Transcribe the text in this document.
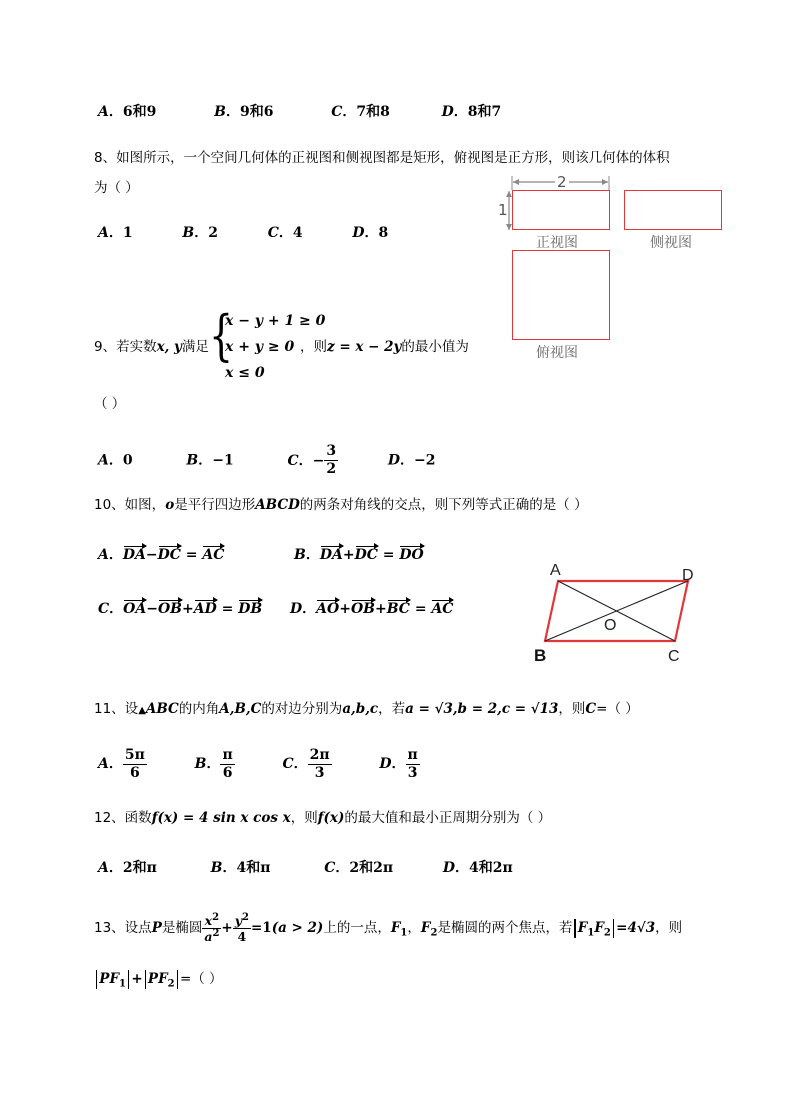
A．6和9	B．9和6	C．7和8	D．8和7
8、如图所示，一个空间几何体的正视图和侧视图都是矩形，俯视图是正方形，则该几何体的体积
为（ ）
A．1	B．2	C．4	D．8
2
1
正视图	侧视图
俯视图
9、若实数x, y满足 {
x − y + 1 ≥ 0
x + y ≥ 0
x ≤ 0
，则z = x − 2y的最小值为
（ ）
A．0	B．−1	C．− $\frac{3}{2}$	D．−2
10、如图，o是平行四边形ABCD的两条对角线的交点，则下列等式正确的是（ ）
A．DA−DC = AC	B．DA+DC = DO
C．OA−OB+AD = DB D．AO+OB+BC = AC
A	D
B	C
O
11、设▲ABC的内角A,B,C的对边分别为a,b,c，若a = √3,b = 2,c = √13，则C=（ ）
A． $\frac{5\pi}{6}$	B． $\frac{\pi}{6}$	C． $\frac{2\pi}{3}$	D． $\frac{\pi}{3}$
12、函数f(x) = 4 sin x cos x，则f(x)的最大值和最小正周期分别为（ ）
A．2和π	B．4和π	C．2和2π	D．4和2π
13、设点P是椭圆 $\frac{x^2}{a^2} + \frac{y^2}{4} =1(a > 2)$上的一点，$F_1$，$F_2$是椭圆的两个焦点，若 $F_1F_2 =4√3$，则
$PF_1 + PF_2$ =（ ）
